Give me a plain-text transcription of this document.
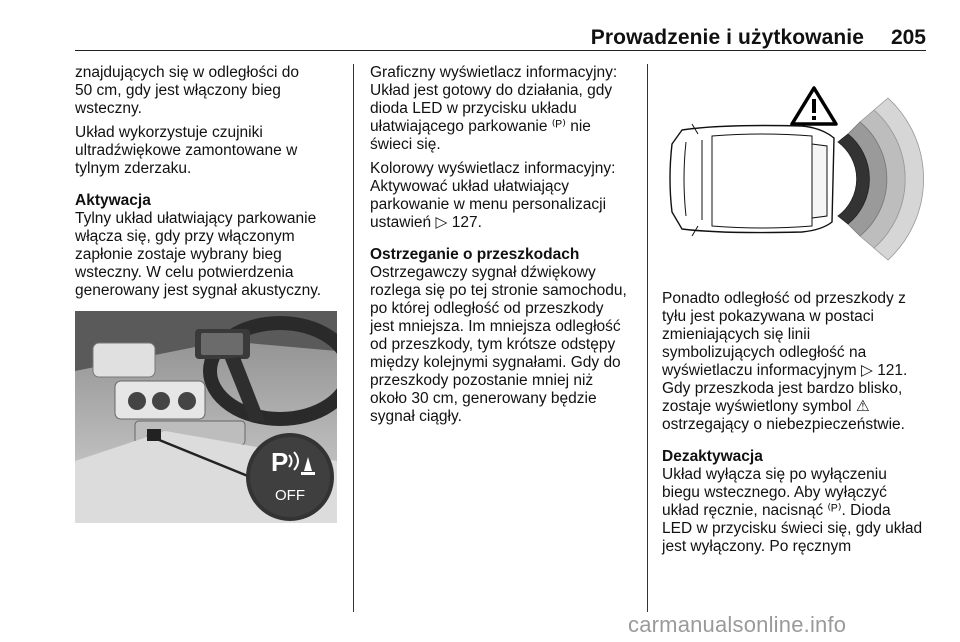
Prowadzenie i użytkowanie 205

znajdujących się w odległości do
50 cm, gdy jest włączony bieg
wsteczny.

Układ wykorzystuje czujniki
ultradźwiękowe zamontowane w
tylnym zderzaku.

Aktywacja

Tylny układ ułatwiający parkowanie
włącza się, gdy przy włączonym
zapłonie zostaje wybrany bieg
wsteczny. W celu potwierdzenia
generowany jest sygnał akustyczny.

P
OFF

Graficzny wyświetlacz informacyjny:
Układ jest gotowy do działania, gdy
dioda LED w przycisku układu
ułatwiającego parkowanie ⁽ᴾ⁾ nie
świeci się.

Kolorowy wyświetlacz informacyjny:
Aktywować układ ułatwiający
parkowanie w menu personalizacji
ustawień ▷ 127.

Ostrzeganie o przeszkodach

Ostrzegawczy sygnał dźwiękowy
rozlega się po tej stronie samochodu,
po której odległość od przeszkody
jest mniejsza. Im mniejsza odległość
od przeszkody, tym krótsze odstępy
między kolejnymi sygnałami. Gdy do
przeszkody pozostanie mniej niż
około 30 cm, generowany będzie
sygnał ciągły.

Ponadto odległość od przeszkody z
tyłu jest pokazywana w postaci
zmieniających się linii
symbolizujących odległość na
wyświetlaczu informacyjnym ▷ 121.
Gdy przeszkoda jest bardzo blisko,
zostaje wyświetlony symbol ⚠
ostrzegający o niebezpieczeństwie.

Dezaktywacja

Układ wyłącza się po wyłączeniu
biegu wstecznego. Aby wyłączyć
układ ręcznie, nacisnąć ⁽ᴾ⁾. Dioda
LED w przycisku świeci się, gdy układ
jest wyłączony. Po ręcznym

carmanualsonline.info
